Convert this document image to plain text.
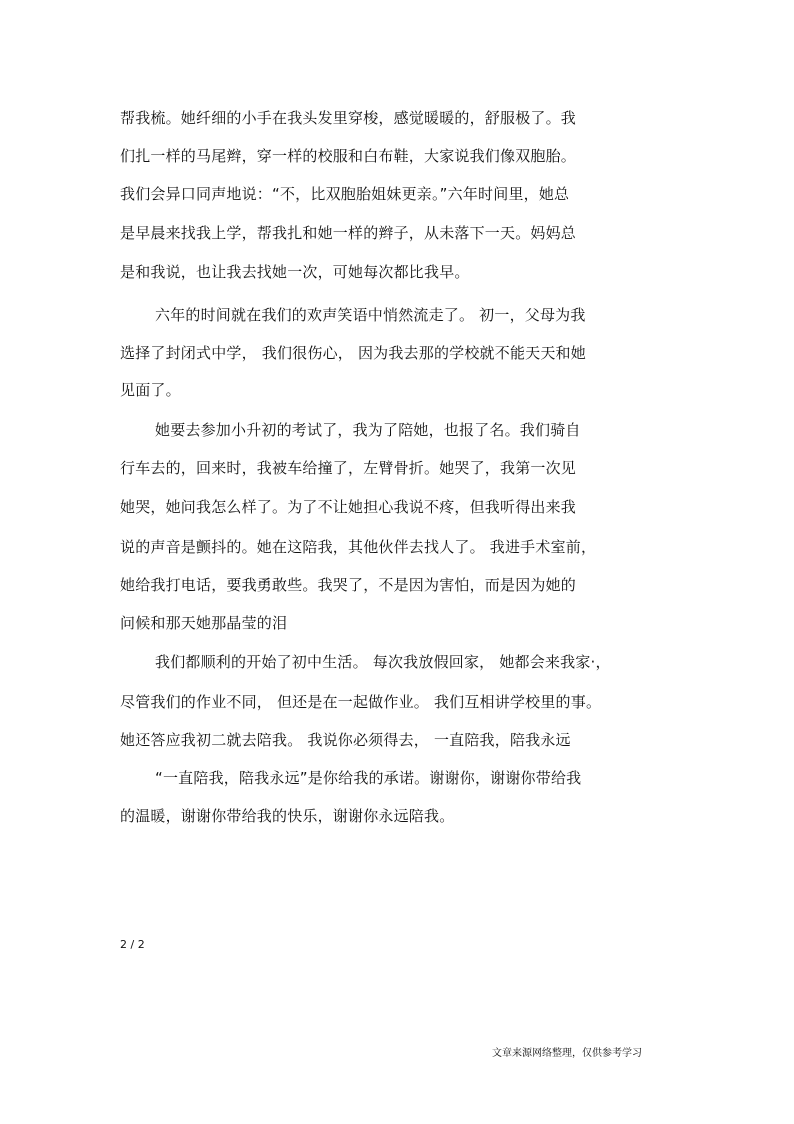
帮我梳。她纤细的小手在我头发里穿梭，感觉暖暖的，舒服极了。我
们扎一样的马尾辫，穿一样的校服和白布鞋，大家说我们像双胞胎。
我们会异口同声地说：“不，比双胞胎姐妹更亲。”六年时间里，她总
是早晨来找我上学，帮我扎和她一样的辫子，从未落下一天。妈妈总
是和我说，也让我去找她一次，可她每次都比我早。
六年的时间就在我们的欢声笑语中悄然流走了。 初一，父母为我
选择了封闭式中学， 我们很伤心， 因为我去那的学校就不能天天和她
见面了。
她要去参加小升初的考试了，我为了陪她，也报了名。我们骑自
行车去的，回来时，我被车给撞了，左臂骨折。她哭了，我第一次见
她哭，她问我怎么样了。为了不让她担心我说不疼，但我听得出来我
说的声音是颤抖的。她在这陪我，其他伙伴去找人了。 我进手术室前，
她给我打电话，要我勇敢些。我哭了，不是因为害怕，而是因为她的
问候和那天她那晶莹的泪
我们都顺利的开始了初中生活。 每次我放假回家， 她都会来我家·，
尽管我们的作业不同， 但还是在一起做作业。 我们互相讲学校里的事。
她还答应我初二就去陪我。 我说你必须得去， 一直陪我，陪我永远
“一直陪我，陪我永远”是你给我的承诺。谢谢你，谢谢你带给我
的温暖，谢谢你带给我的快乐，谢谢你永远陪我。
2 / 2
文章来源网络整理，仅供参考学习
